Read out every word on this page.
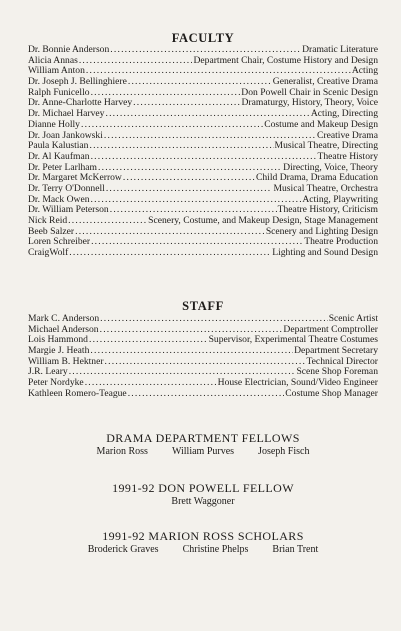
FACULTY
Dr. Bonnie Anderson .....	Dramatic Literature
Alicia Annas .....	Department Chair, Costume History and Design
William Anton .....	Acting
Dr. Joseph J. Bellinghiere .....	Generalist, Creative Drama
Ralph Funicello .....	Don Powell Chair in Scenic Design
Dr. Anne-Charlotte Harvey .....	Dramaturgy, History, Theory, Voice
Dr. Michael Harvey .....	Acting, Directing
Dianne Holly .....	Costume and Makeup Design
Dr. Joan Jankowski .....	Creative Drama
Paula Kalustian .....	Musical Theatre, Directing
Dr. Al Kaufman .....	Theatre History
Dr. Peter Larlham .....	Directing, Voice, Theory
Dr. Margaret McKerrow .....	Child Drama, Drama Education
Dr. Terry O'Donnell .....	Musical Theatre, Orchestra
Dr. Mack Owen .....	Acting, Playwriting
Dr. William Peterson .....	Theatre History, Criticism
Nick Reid .....	Scenery, Costume, and Makeup Design, Stage Management
Beeb Salzer .....	Scenery and Lighting Design
Loren Schreiber .....	Theatre Production
CraigWolf .....	Lighting and Sound Design
STAFF
Mark C. Anderson .....	Scenic Artist
Michael Anderson .....	Department Comptroller
Lois Hammond .....	Supervisor, Experimental Theatre Costumes
Margie J. Heath .....	Department Secretary
William B. Hektner .....	Technical Director
J.R. Leary .....	Scene Shop Foreman
Peter Nordyke .....	House Electrician, Sound/Video Engineer
Kathleen Romero-Teague .....	Costume Shop Manager
DRAMA DEPARTMENT FELLOWS
Marion Ross William Purves Joseph Fisch
1991-92 DON POWELL FELLOW
Brett Waggoner
1991-92 MARION ROSS SCHOLARS
Broderick Graves Christine Phelps Brian Trent
